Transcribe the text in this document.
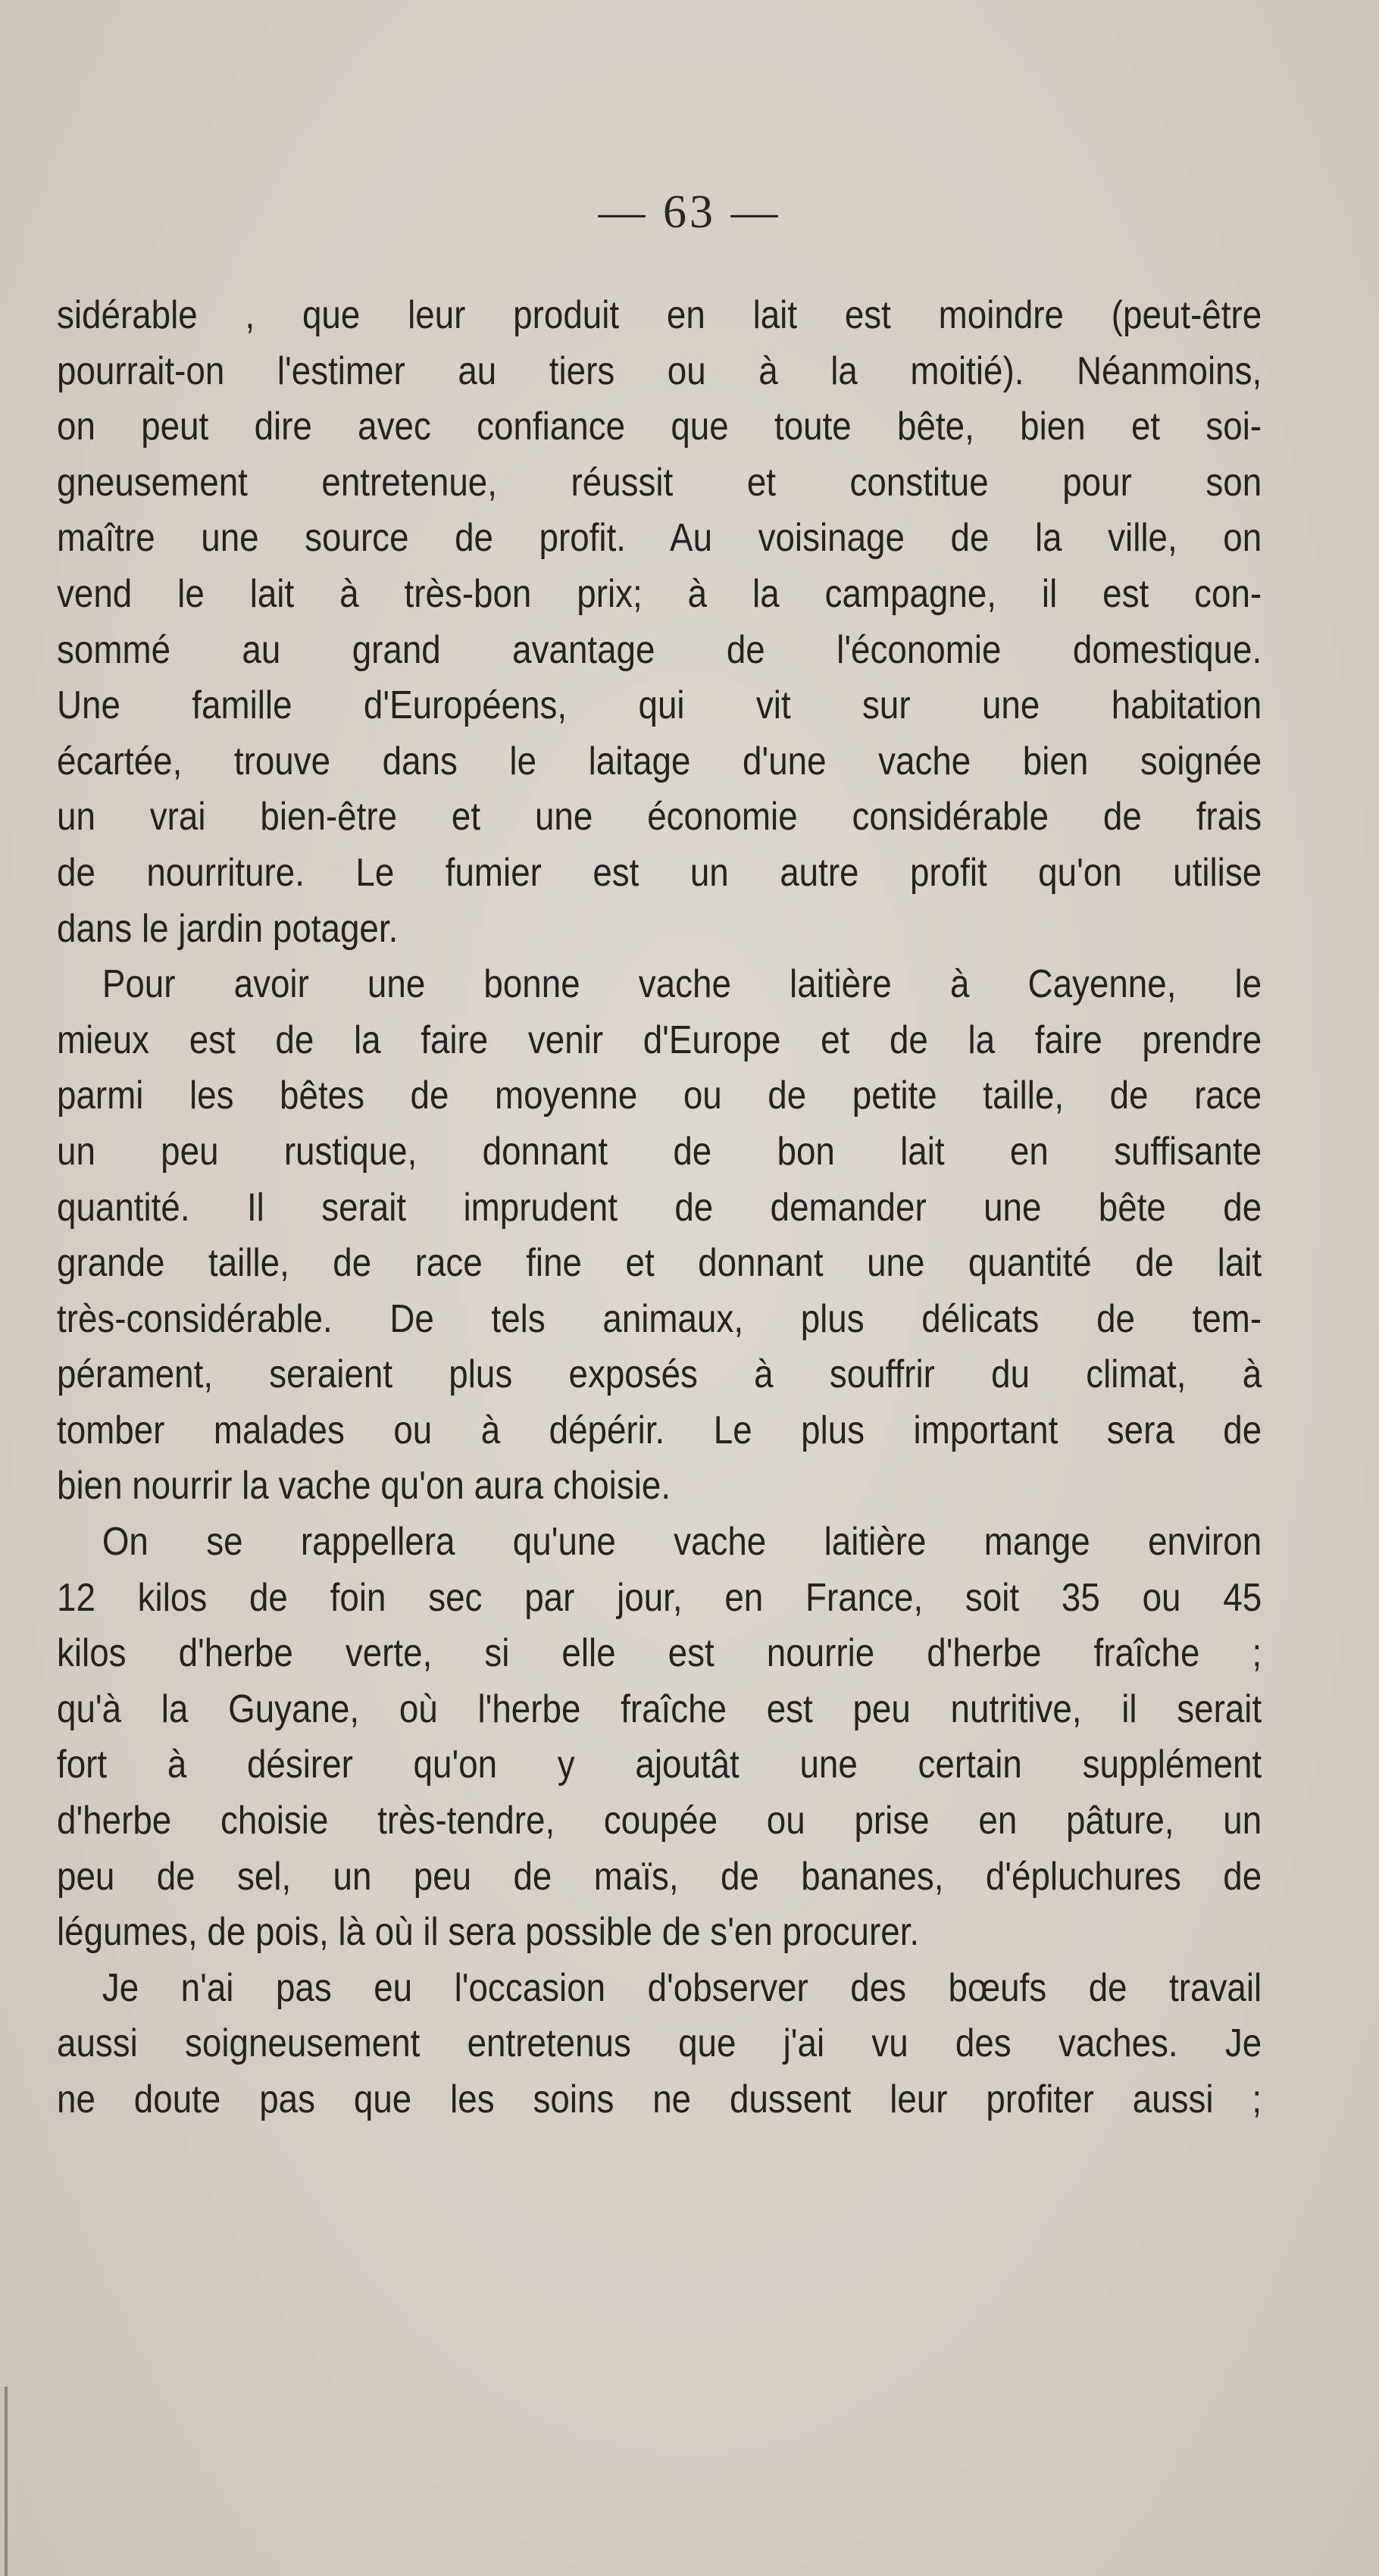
— 63 —
sidérable , que leur produit en lait est moindre (peut-être
pourrait-on l'estimer au tiers ou à la moitié). Néanmoins,
on peut dire avec confiance que toute bête, bien et soi-
gneusement entretenue, réussit et constitue pour son
maître une source de profit. Au voisinage de la ville, on
vend le lait à très-bon prix; à la campagne, il est con-
sommé au grand avantage de l'économie domestique.
Une famille d'Européens, qui vit sur une habitation
écartée, trouve dans le laitage d'une vache bien soignée
un vrai bien-être et une économie considérable de frais
de nourriture. Le fumier est un autre profit qu'on utilise
dans le jardin potager.
Pour avoir une bonne vache laitière à Cayenne, le
mieux est de la faire venir d'Europe et de la faire prendre
parmi les bêtes de moyenne ou de petite taille, de race
un peu rustique, donnant de bon lait en suffisante
quantité. Il serait imprudent de demander une bête de
grande taille, de race fine et donnant une quantité de lait
très-considérable. De tels animaux, plus délicats de tem-
pérament, seraient plus exposés à souffrir du climat, à
tomber malades ou à dépérir. Le plus important sera de
bien nourrir la vache qu'on aura choisie.
On se rappellera qu'une vache laitière mange environ
12 kilos de foin sec par jour, en France, soit 35 ou 45
kilos d'herbe verte, si elle est nourrie d'herbe fraîche ;
qu'à la Guyane, où l'herbe fraîche est peu nutritive, il serait
fort à désirer qu'on y ajoutât une certain supplément
d'herbe choisie très-tendre, coupée ou prise en pâture, un
peu de sel, un peu de maïs, de bananes, d'épluchures de
légumes, de pois, là où il sera possible de s'en procurer.
Je n'ai pas eu l'occasion d'observer des bœufs de travail
aussi soigneusement entretenus que j'ai vu des vaches. Je
ne doute pas que les soins ne dussent leur profiter aussi ;
